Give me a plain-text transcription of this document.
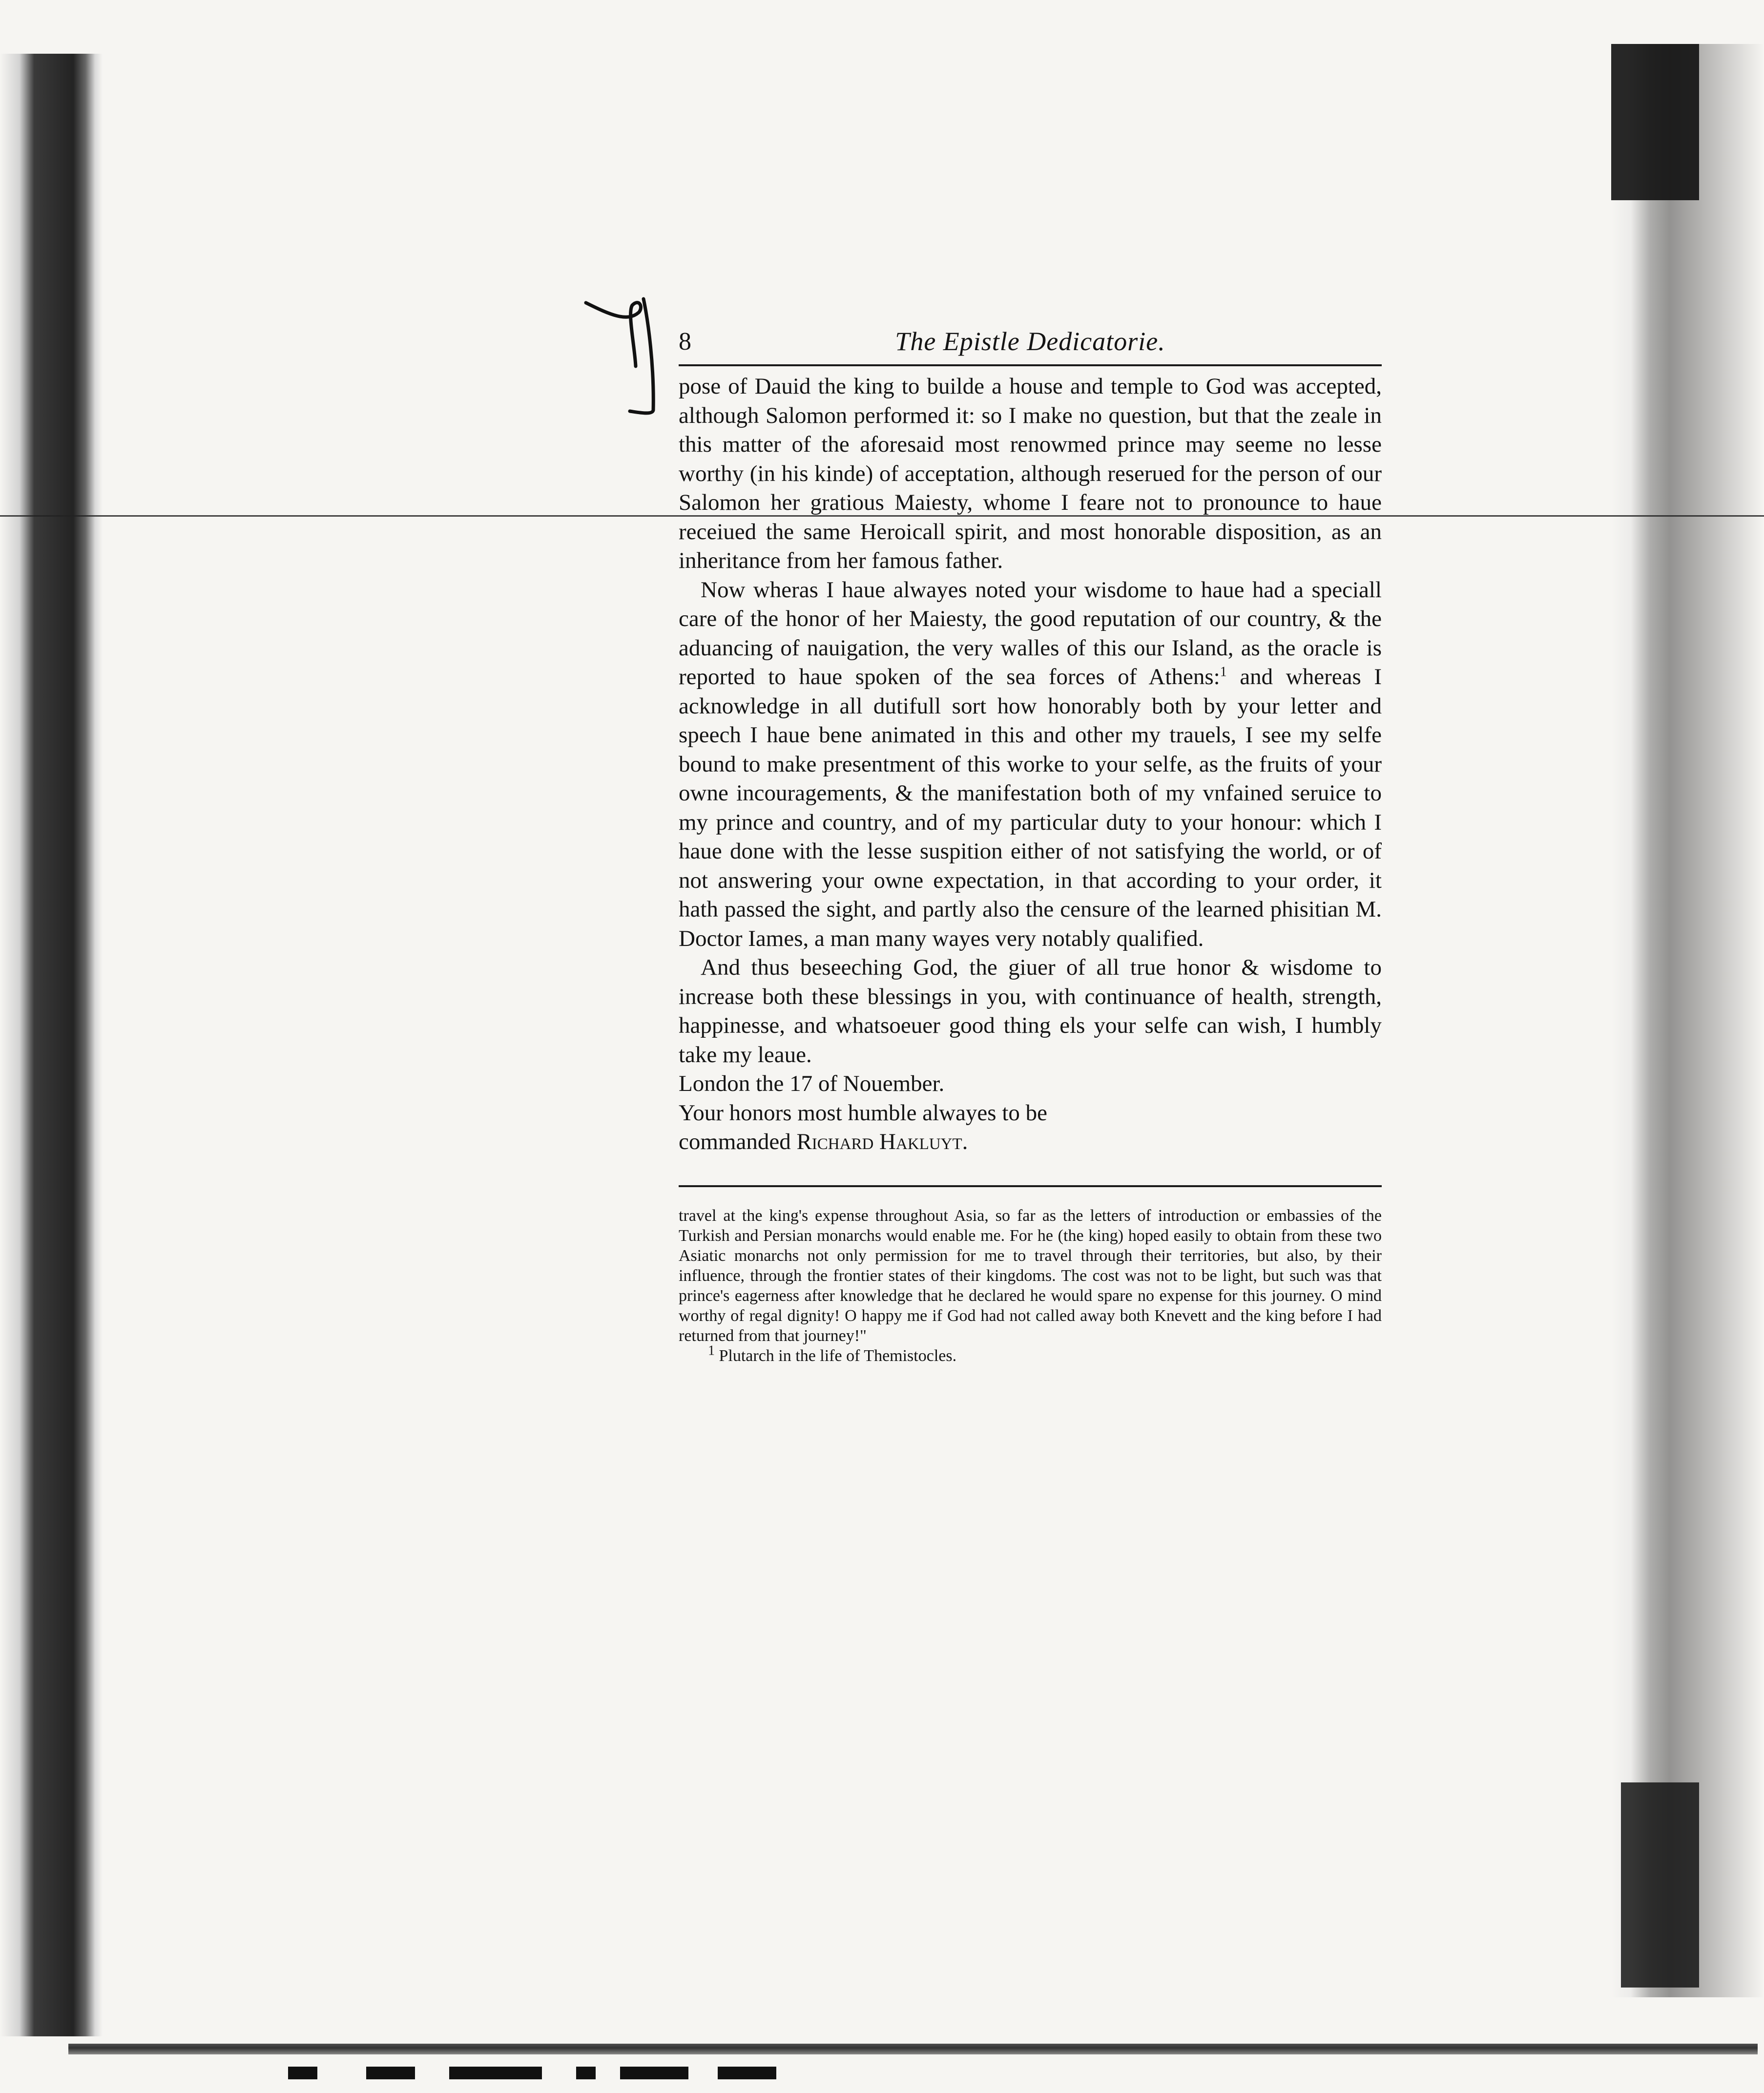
8	The Epistle Dedicatorie.

pose of Dauid the king to builde a house and temple to God was accepted, although Salomon performed it: so I make no question, but that the zeale in this matter of the aforesaid most renowmed prince may seeme no lesse worthy (in his kinde) of acceptation, although reserued for the person of our Salomon her gratious Maiesty, whome I feare not to pronounce to haue receiued the same Heroicall spirit, and most honorable disposition, as an inheritance from her famous father.

Now wheras I haue alwayes noted your wisdome to haue had a speciall care of the honor of her Maiesty, the good reputation of our country, & the aduancing of nauigation, the very walles of this our Island, as the oracle is reported to haue spoken of the sea forces of Athens:$^1$ and whereas I acknowledge in all dutifull sort how honorably both by your letter and speech I haue bene animated in this and other my trauels, I see my selfe bound to make presentment of this worke to your selfe, as the fruits of your owne incouragements, & the manifestation both of my vnfained seruice to my prince and country, and of my particular duty to your honour: which I haue done with the lesse suspition either of not satisfying the world, or of not answering your owne expectation, in that according to your order, it hath passed the sight, and partly also the censure of the learned phisitian M. Doctor Iames, a man many wayes very notably qualified.

And thus beseeching God, the giuer of all true honor & wisdome to increase both these blessings in you, with continuance of health, strength, happinesse, and whatsoeuer good thing els your selfe can wish, I humbly take my leaue.

London the 17 of Nouember.

Your honors most humble alwayes to be

commanded Richard Hakluyt.

travel at the king's expense throughout Asia, so far as the letters of introduction or embassies of the Turkish and Persian monarchs would enable me. For he (the king) hoped easily to obtain from these two Asiatic monarchs not only permission for me to travel through their territories, but also, by their influence, through the frontier states of their kingdoms. The cost was not to be light, but such was that prince's eagerness after knowledge that he declared he would spare no expense for this journey. O mind worthy of regal dignity! O happy me if God had not called away both Knevett and the king before I had returned from that journey!"

$^1$ Plutarch in the life of Themistocles.
